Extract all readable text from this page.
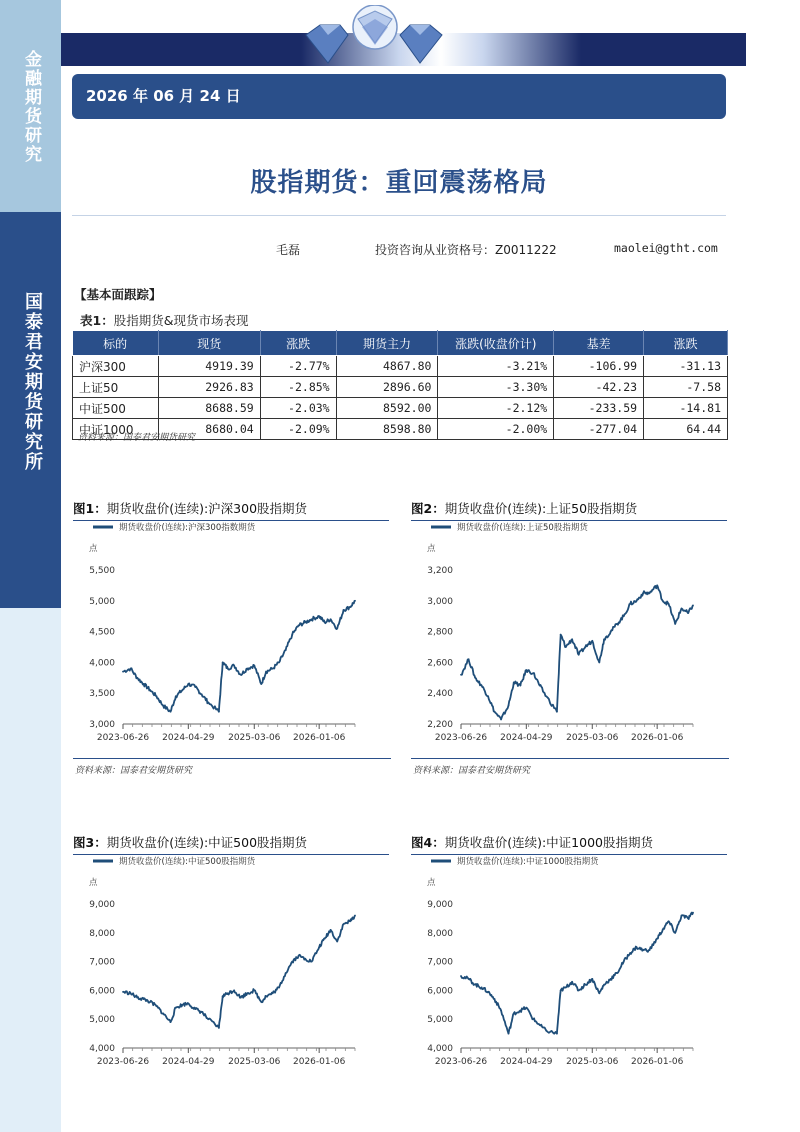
金融期货研究
国泰君安期货研究所
2026 年 06 月 24 日
股指期货：重回震荡格局
毛磊	投资咨询从业资格号：Z0011222	maolei@gtht.com
【基本面跟踪】
表1：股指期货&现货市场表现
标的	现货	涨跌	期货主力	涨跌(收盘价计)	基差	涨跌
沪深300	4919.39	-2.77%	4867.80	-3.21%	-106.99	-31.13
上证50	2926.83	-2.85%	2896.60	-3.30%	-42.23	-7.58
中证500	8688.59	-2.03%	8592.00	-2.12%	-233.59	-14.81
中证1000	8680.04	-2.09%	8598.80	-2.00%	-277.04	64.44
资料来源：国泰君安期货研究
图1：期货收盘价(连续):沪深300股指期货	图2：期货收盘价(连续):上证50股指期货
图3：期货收盘价(连续):中证500股指期货	图4：期货收盘价(连续):中证1000股指期货
期货收盘价(连续):沪深300指数期货
点
3,000
3,500
4,000
4,500
5,000
5,500
2023-06-26 2024-04-29 2025-03-06 2026-01-06
期货收盘价(连续):上证50股指期货
点
2,200
2,400
2,600
2,800
3,000
3,200
2023-06-26 2024-04-29 2025-03-06 2026-01-06
期货收盘价(连续):中证500股指期货
点
4,000
5,000
6,000
7,000
8,000
9,000
2023-06-26 2024-04-29 2025-03-06 2026-01-06
期货收盘价(连续):中证1000股指期货
点
4,000
5,000
6,000
7,000
8,000
9,000
2023-06-26 2024-04-29 2025-03-06 2026-01-06
资料来源：国泰君安期货研究	资料来源：国泰君安期货研究
